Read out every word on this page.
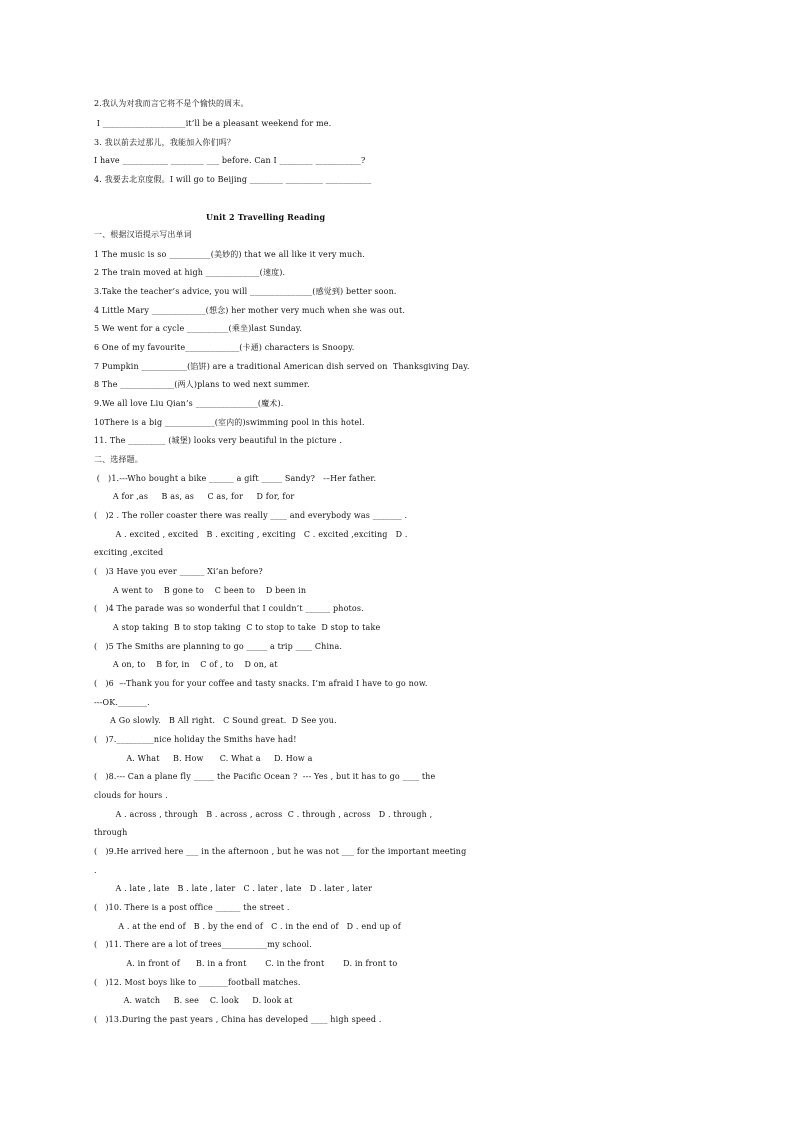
2.我认为对我而言它将不是个愉快的周末。
I ____________________it’ll be a pleasant weekend for me.
3. 我以前去过那儿，我能加入你们吗？
I have ___________ ________ ___ before. Can I ________ ___________?
4. 我要去北京度假。I will go to Beijing ________ _________ ___________
Unit 2 Travelling Reading
一、根据汉语提示写出单词
1 The music is so __________(美妙的) that we all like it very much.
2 The train moved at high _____________(速度).
3.Take the teacher’s advice, you will _______________(感觉到) better soon.
4 Little Mary _____________(想念) her mother very much when she was out.
5 We went for a cycle __________(乘坐)last Sunday.
6 One of my favourite_____________(卡通) characters is Snoopy.
7 Pumpkin ___________(馅饼) are a traditional American dish served on  Thanksgiving Day.
8 The _____________(两人)plans to wed next summer.
9.We all love Liu Qian’s _______________(魔术).
10There is a big ____________(室内的)swimming pool in this hotel.
11. The _________ (城堡) looks very beautiful in the picture .
二、选择题。
(   )1.---Who bought a bike ______ a gift _____ Sandy?   -–Her father.
A for ,as     B as, as     C as, for     D for, for
(   )2 . The roller coaster there was really ____ and everybody was _______ .
A . excited , excited   B . exciting , exciting   C . excited ,exciting   D .
exciting ,excited
(   )3 Have you ever ______ Xi’an before?
A went to    B gone to    C been to    D been in
(   )4 The parade was so wonderful that I couldn’t ______ photos.
A stop taking  B to stop taking  C to stop to take  D stop to take
(   )5 The Smiths are planning to go _____ a trip ____ China.
A on, to    B for, in    C of , to    D on, at
(   )6  –-Thank you for your coffee and tasty snacks. I’m afraid I have to go now.
---OK._______.
A Go slowly.   B All right.   C Sound great.  D See you.
(   )7._________nice holiday the Smiths have had!
A. What     B. How      C. What a     D. How a
(   )8.--- Can a plane fly _____ the Pacific Ocean ?  --- Yes , but it has to go ____ the
clouds for hours .
A . across , through   B . across , across  C . through , across   D . through ,
through
(   )9.He arrived here ___ in the afternoon , but he was not ___ for the important meeting
.
A . late , late   B . late , later   C . later , late   D . later , later
(   )10. There is a post office ______ the street .
A . at the end of   B . by the end of   C . in the end of   D . end up of
(   )11. There are a lot of trees___________my school.
A. in front of      B. in a front       C. in the front       D. in front to
(   )12. Most boys like to _______football matches.
A. watch     B. see    C. look     D. look at
(   )13.During the past years , China has developed ____ high speed .
